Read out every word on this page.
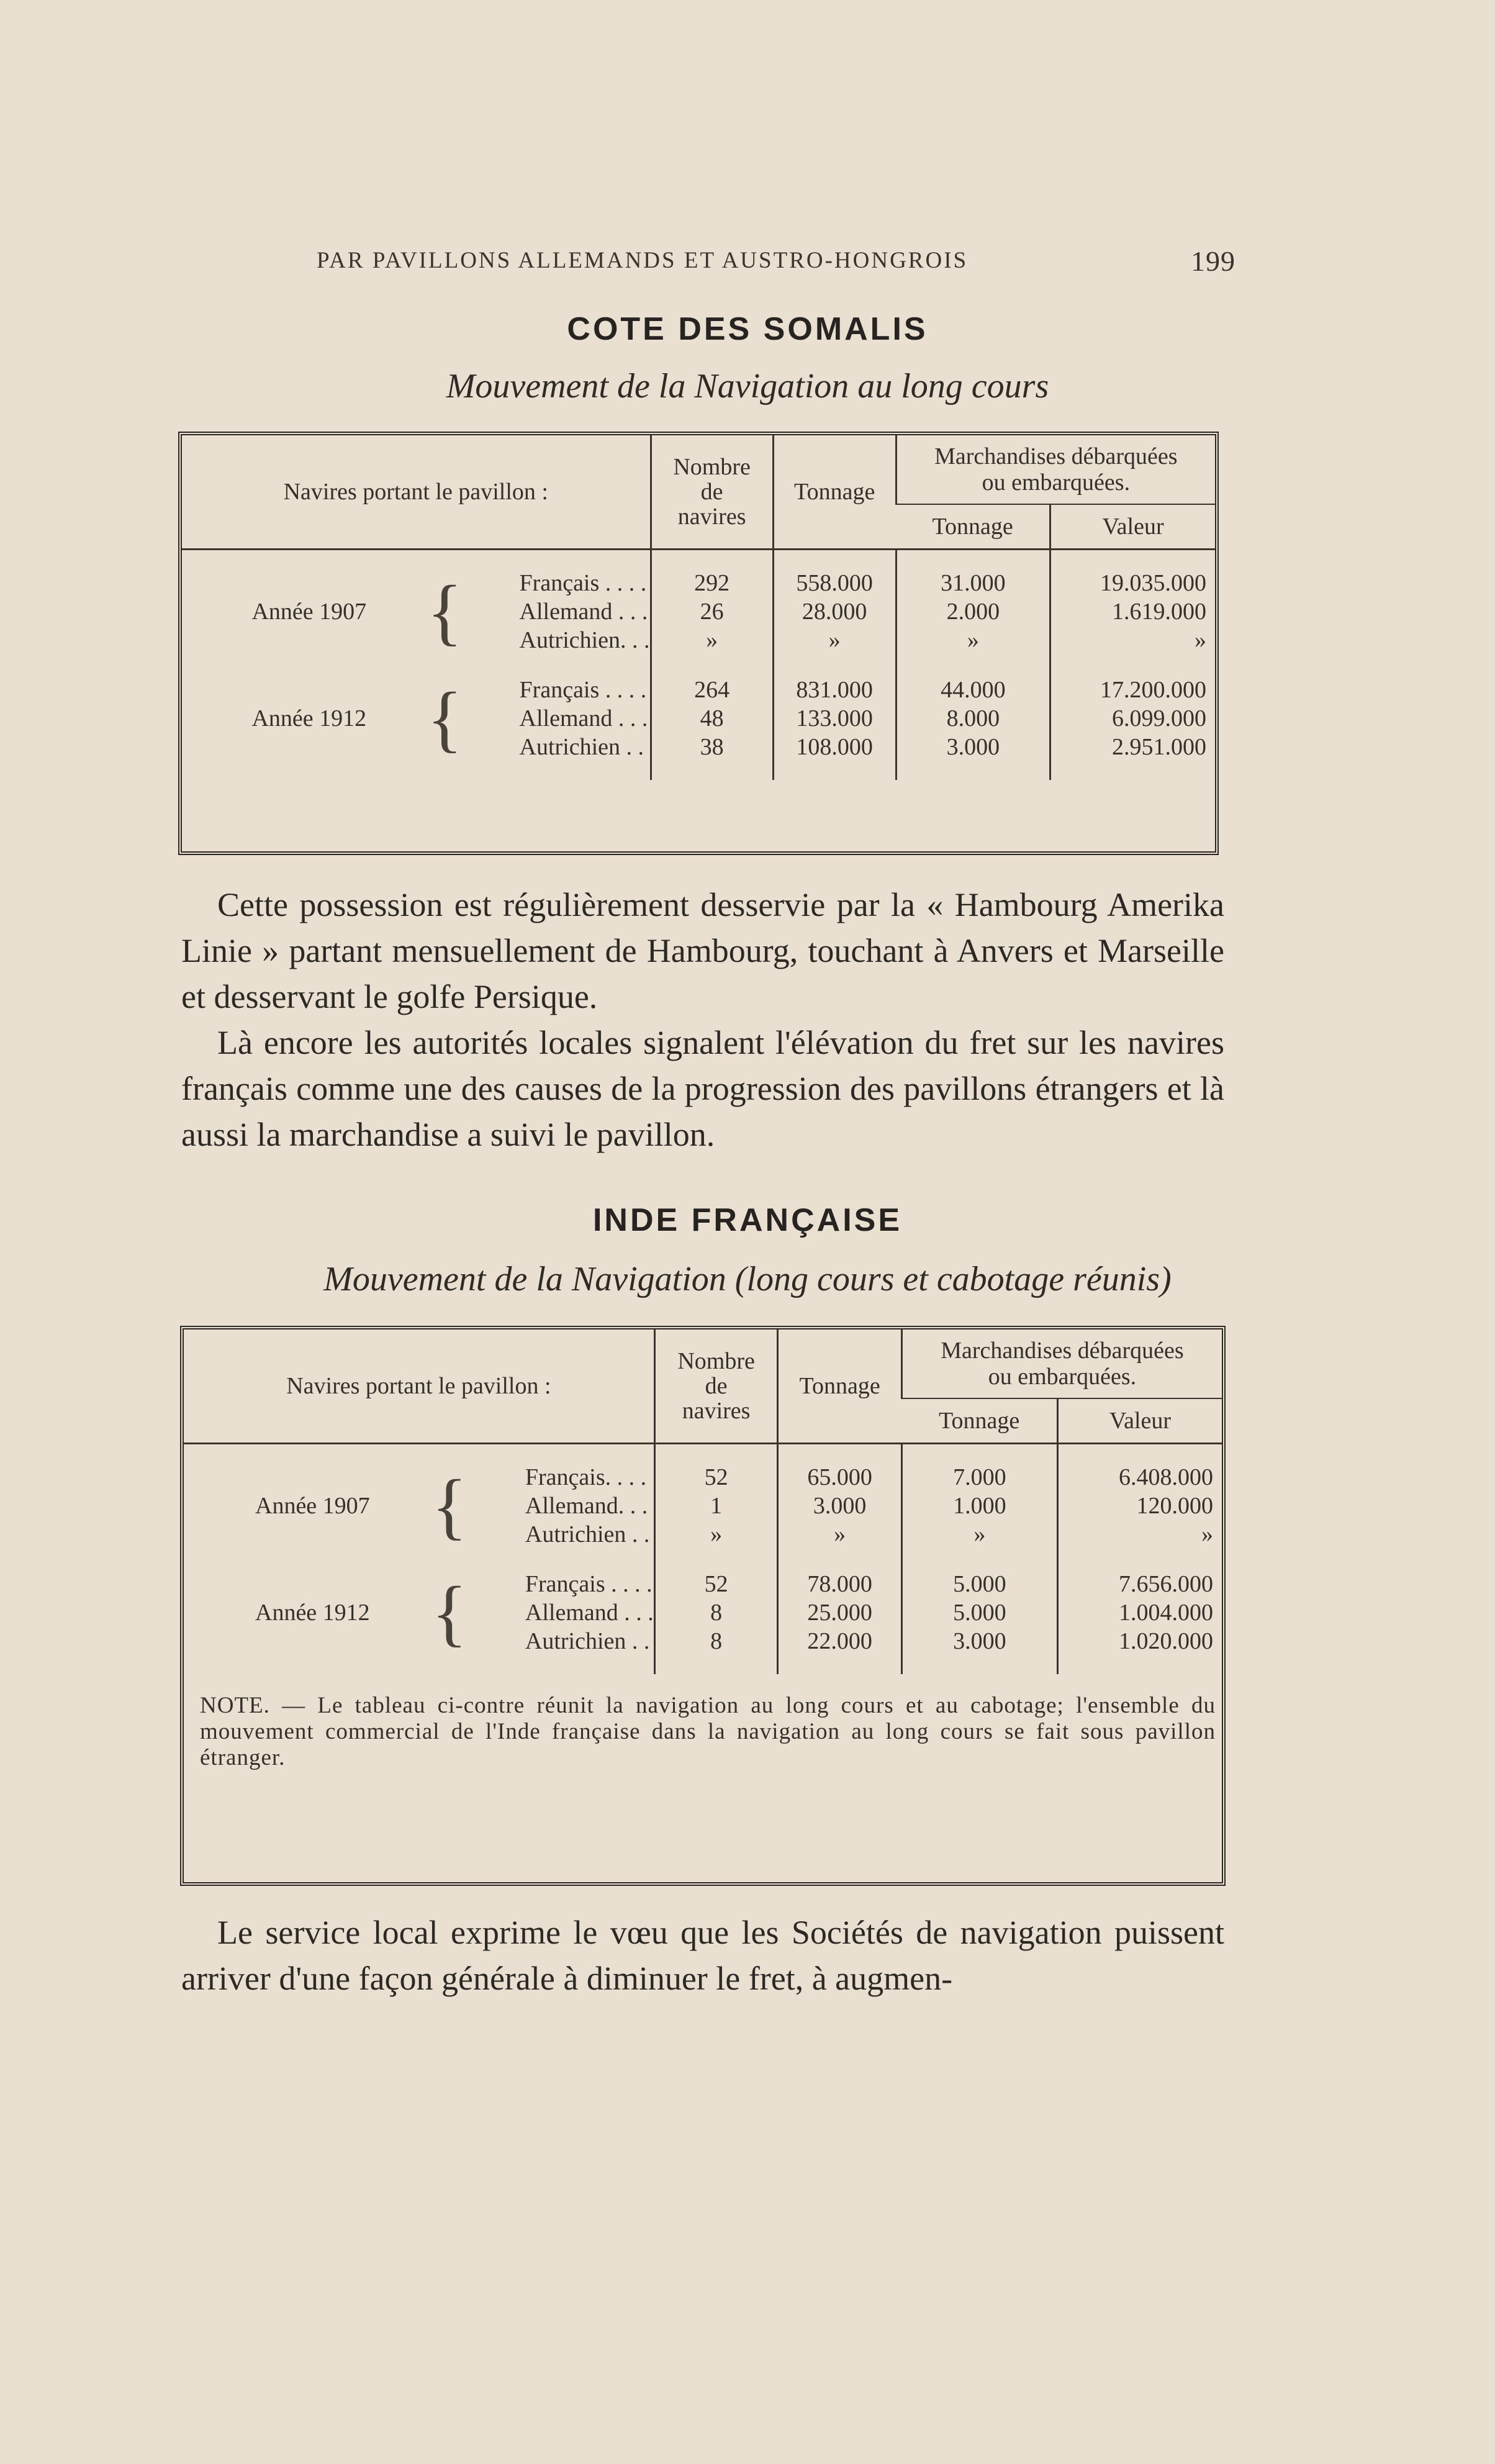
PAR PAVILLONS ALLEMANDS ET AUSTRO-HONGROIS	199
COTE DES SOMALIS
Mouvement de la Navigation au long cours
Navires portant le pavillon :			Nombre
de
navires	Tonnage	Marchandises débarquées
ou embarquées.	
					Tonnage	Valeur

Année 1907	{	Français . . . .	292	558.000	31.000	19.035.000
		Allemand . . .	26	28.000	2.000	1.619.000
		Autrichien. . .	»	»	»	»

Année 1912	{	Français . . . .	264	831.000	44.000	17.200.000
		Allemand . . .	48	133.000	8.000	6.099.000
		Autrichien . .	38	108.000	3.000	2.951.000

Cette possession est régulièrement desservie par la « Hambourg Amerika Linie » partant mensuellement de Hambourg, touchant à Anvers et Marseille et desservant le golfe Persique.

Là encore les autorités locales signalent l'élévation du fret sur les navires français comme une des causes de la progression des pavillons étrangers et là aussi la marchandise a suivi le pavillon.

INDE FRANÇAISE
Mouvement de la Navigation (long cours et cabotage réunis)
Navires portant le pavillon :			Nombre
de
navires	Tonnage	Marchandises débarquées
ou embarquées.	
					Tonnage	Valeur

Année 1907	{	Français. . . .	52	65.000	7.000	6.408.000
		Allemand. . .	1	3.000	1.000	120.000
		Autrichien . .	»	»	»	»

Année 1912	{	Français . . . .	52	78.000	5.000	7.656.000
		Allemand . . .	8	25.000	5.000	1.004.000
		Autrichien . .	8	22.000	3.000	1.020.000

NOTE. — Le tableau ci-contre réunit la navigation au long cours et au cabotage; l'ensemble du mouvement commercial de l'Inde française dans la navigation au long cours se fait sous pavillon étranger.						

Le service local exprime le vœu que les Sociétés de navigation puissent arriver d'une façon générale à diminuer le fret, à augmen-
